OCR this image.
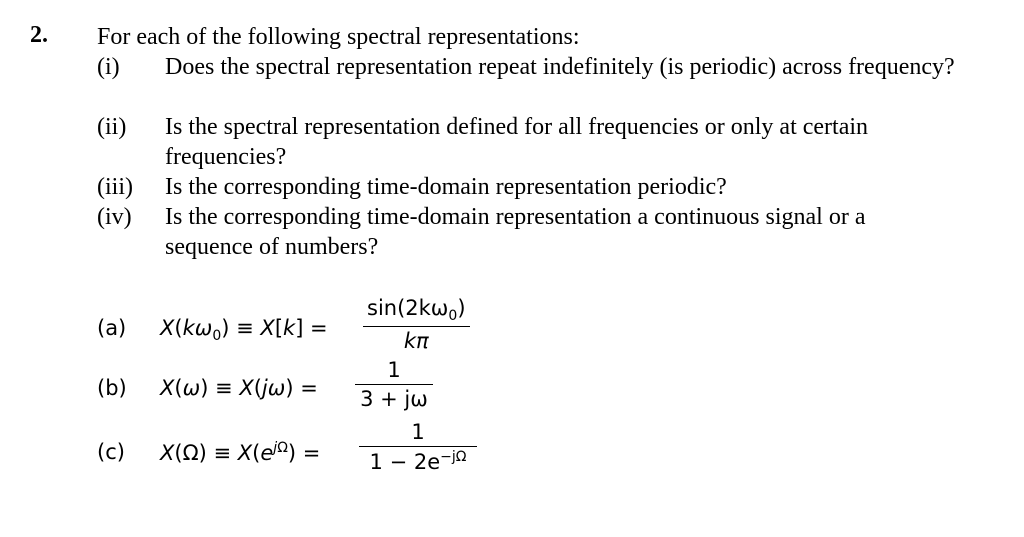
2. For each of the following spectral representations:
(i) Does the spectral representation repeat indefinitely (is periodic) across frequency?
(ii) Is the spectral representation defined for all frequencies or only at certain frequencies?
(iii) Is the corresponding time-domain representation periodic?
(iv) Is the corresponding time-domain representation a continuous signal or a sequence of numbers?
(a) $X(k\omega_0) \equiv X[k]$ =
$\sin(2k\omega_0)$
kπ
(b) X(ω) ≡ X(jω) =
1
3 + jω
(c) $X(\Omega) \equiv X(e^{j\Omega})$ =
1
$1 - 2e^{-j\Omega}$
